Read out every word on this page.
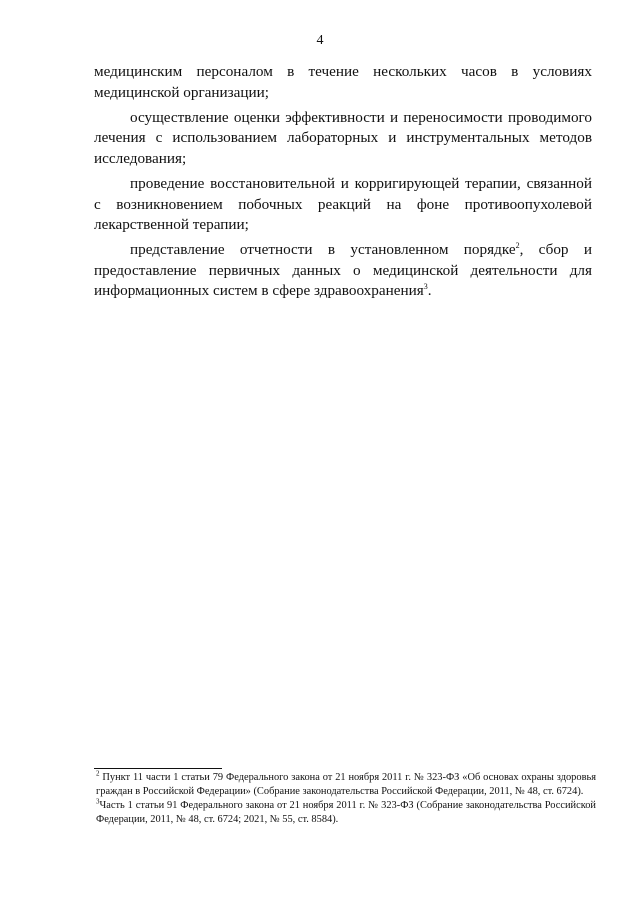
4

медицинским персоналом в течение нескольких часов в условиях медицинской организации;

осуществление оценки эффективности и переносимости проводимого лечения с использованием лабораторных и инструментальных методов исследования;

проведение восстановительной и корригирующей терапии, связанной с возникновением побочных реакций на фоне противоопухолевой лекарственной терапии;

представление отчетности в установленном порядке$^2$, сбор и предоставление первичных данных о медицинской деятельности для информационных систем в сфере здравоохранения$^3$.

$^2$ Пункт 11 части 1 статьи 79 Федерального закона от 21 ноября 2011 г. № 323-ФЗ «Об основах охраны здоровья граждан в Российской Федерации» (Собрание законодательства Российской Федерации, 2011, № 48, ст. 6724).

$^3$Часть 1 статьи 91 Федерального закона от 21 ноября 2011 г. № 323-ФЗ (Собрание законодательства Российской Федерации, 2011, № 48, ст. 6724; 2021, № 55, ст. 8584).
